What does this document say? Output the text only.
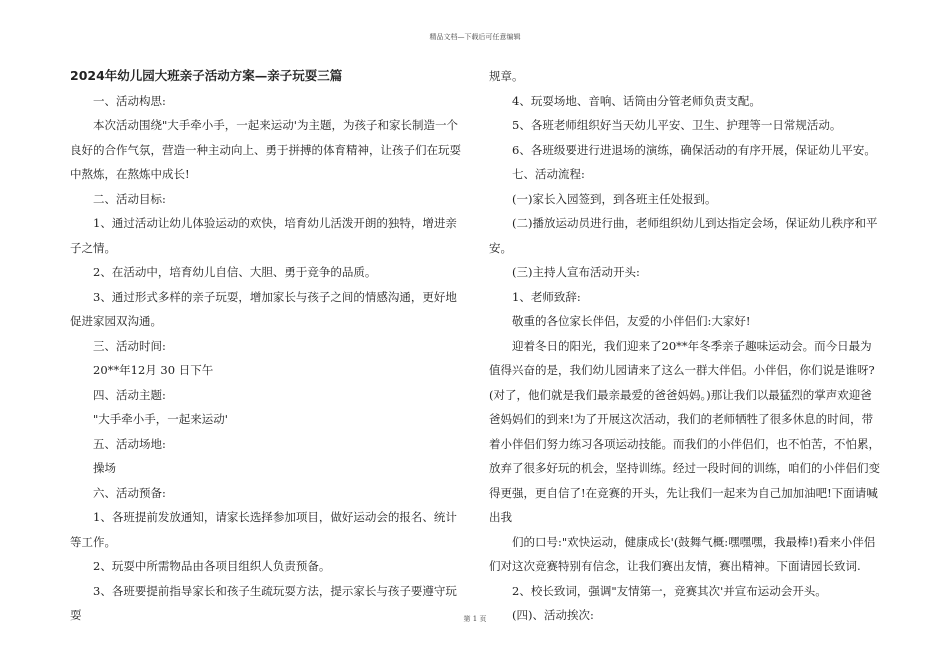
精品文档—下载后可任意编辑
2024年幼儿园大班亲子活动方案—亲子玩耍三篇

一、活动构思:

本次活动围绕"大手牵小手，一起来运动'为主题，为孩子和家长制造一个良好的合作气氛，营造一种主动向上、勇于拼搏的体育精神，让孩子们在玩耍中熬炼，在熬炼中成长!

二、活动目标:

1、通过活动让幼儿体验运动的欢快，培育幼儿活泼开朗的独特，增进亲子之情。

2、在活动中，培育幼儿自信、大胆、勇于竞争的品质。

3、通过形式多样的亲子玩耍，增加家长与孩子之间的情感沟通，更好地促进家园双沟通。

三、活动时间:

20**年12月 30 日下午

四、活动主题:

"大手牵小手，一起来运动'

五、活动场地:

操场

六、活动预备:

1、各班提前发放通知，请家长选择参加项目，做好运动会的报名、统计等工作。

2、玩耍中所需物品由各项目组织人负责预备。

3、各班要提前指导家长和孩子生疏玩耍方法，提示家长与孩子要遵守玩耍

规章。

4、玩耍场地、音响、话筒由分管老师负责支配。

5、各班老师组织好当天幼儿平安、卫生、护理等一日常规活动。

6、各班级要进行进退场的演练，确保活动的有序开展，保证幼儿平安。

七、活动流程:

(一)家长入园签到，到各班主任处报到。

(二)播放运动员进行曲，老师组织幼儿到达指定会场，保证幼儿秩序和平安。

(三)主持人宣布活动开头:

1、老师致辞:

敬重的各位家长伴侣，友爱的小伴侣们:大家好!

迎着冬日的阳光，我们迎来了20**年冬季亲子趣味运动会。而今日最为值得兴奋的是，我们幼儿园请来了这么一群大伴侣。小伴侣，你们说是谁呀?(对了，他们就是我们最亲最爱的爸爸妈妈。)那让我们以最猛烈的掌声欢迎爸爸妈妈们的到来!为了开展这次活动，我们的老师牺牲了很多休息的时间，带着小伴侣们努力练习各项运动技能。而我们的小伴侣们，也不怕苦，不怕累，放弃了很多好玩的机会，坚持训练。经过一段时间的训练，咱们的小伴侣们变得更强，更自信了!在竞赛的开头，先让我们一起来为自己加加油吧!下面请喊出我

们的口号:"欢快运动，健康成长'(鼓舞气概:嘿嘿嘿，我最棒!)看来小伴侣们对这次竞赛特别有信念，让我们赛出友情，赛出精神。下面请园长致词.

2、校长致词，强调"友情第一，竞赛其次'并宣布运动会开头。

(四)、活动挨次:

第 1 页
